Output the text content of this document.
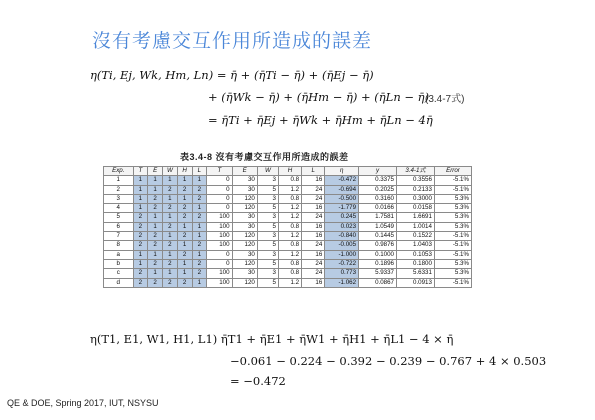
沒有考慮交互作用所造成的誤差
η(Ti, Ej, Wk, Hm, Ln) = η̄ + (η̄Ti − η̄) + (η̄Ej − η̄)
+ (η̄Wk − η̄) + (η̄Hm − η̄) + (η̄Ln − η̄)
= η̄Ti + η̄Ej + η̄Wk + η̄Hm + η̄Ln − 4η̄
(3.4-7式)
表3.4-8 沒有考慮交互作用所造成的誤差
Exp.	T	E	W	H	L	T	E	W	H	L	η	y	3.4-1式	Error
1	1	1	1	1	1	0	30	3	0.8	16	-0.472	0.3375	0.3556	-5.1%
2	1	1	2	2	2	0	30	5	1.2	24	-0.694	0.2025	0.2133	-5.1%
3	1	2	1	1	2	0	120	3	0.8	24	-0.500	0.3160	0.3000	5.3%
4	1	2	2	2	1	0	120	5	1.2	16	-1.779	0.0166	0.0158	5.3%
5	2	1	1	2	2	100	30	3	1.2	24	0.245	1.7581	1.6691	5.3%
6	2	1	2	1	1	100	30	5	0.8	16	0.023	1.0549	1.0014	5.3%
7	2	2	1	2	1	100	120	3	1.2	16	-0.840	0.1445	0.1522	-5.1%
8	2	2	2	1	2	100	120	5	0.8	24	-0.005	0.9876	1.0403	-5.1%
a	1	1	1	2	1	0	30	3	1.2	16	-1.000	0.1000	0.1053	-5.1%
b	1	2	2	1	2	0	120	5	0.8	24	-0.722	0.1896	0.1800	5.3%
c	2	1	1	1	2	100	30	3	0.8	24	0.773	5.9337	5.6331	5.3%
d	2	2	2	2	1	100	120	5	1.2	16	-1.062	0.0867	0.0913	-5.1%
η(T1, E1, W1, H1, L1) η̄T1 + η̄E1 + η̄W1 + η̄H1 + η̄L1 − 4 × η̄
−0.061 − 0.224 − 0.392 − 0.239 − 0.767 + 4 × 0.503
= −0.472
QE & DOE, Spring 2017, IUT, NSYSU
